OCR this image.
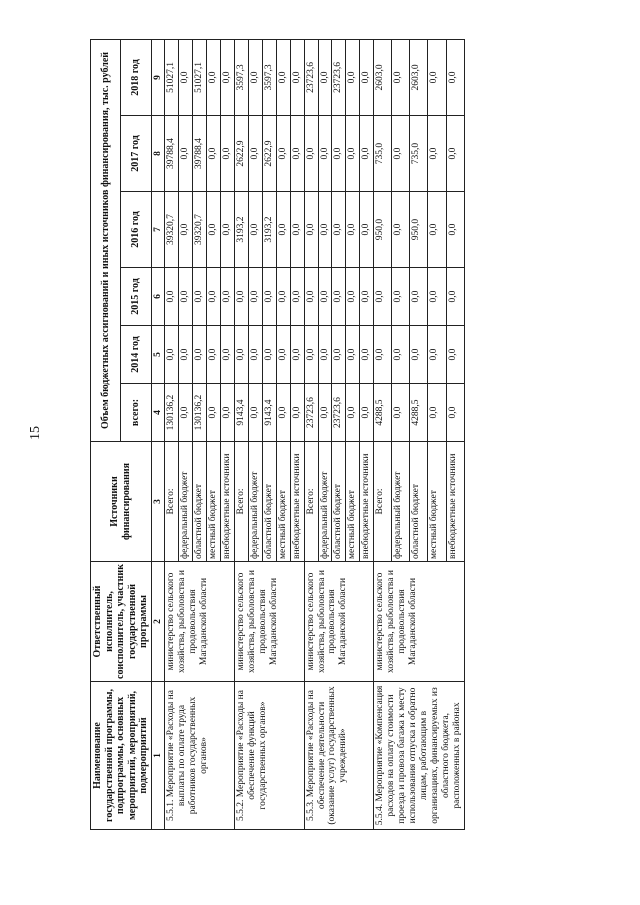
15
Наименование государственной программы, подпрограммы, основных мероприятий, мероприятий, подмероприятий	Ответственный исполнитель, соисполнитель, участник государственной программы	Источники финансирования	Объем бюджетных ассигнований и иных источников финансирования, тыс. рублей					
			всего:	2014 год	2015 год	2016 год	2017 год	2018 год
1	2	3	4	5	6	7	8	9
5.5.1. Мероприятие «Расходы на выплаты по оплате труда работников государственных органов»	министерство сельского хозяйства, рыболовства и продовольствия Магаданской области	Всего:	130136,2	0,0	0,0	39320,7	39788,4	51027,1
		федеральный бюджет	0,0	0,0	0,0	0,0	0,0	0,0
		областной бюджет	130136,2	0,0	0,0	39320,7	39788,4	51027,1
		местный бюджет	0,0	0,0	0,0	0,0	0,0	0,0
		внебюджетные источники	0,0	0,0	0,0	0,0	0,0	0,0
5.5.2. Мероприятие «Расходы на обеспечение функций государственных органов»	министерство сельского хозяйства, рыболовства и продовольствия Магаданской области	Всего:	9143,4	0,0	0,0	3193,2	2622,9	3597,3
		федеральный бюджет	0,0	0,0	0,0	0,0	0,0	0,0
		областной бюджет	9143,4	0,0	0,0	3193,2	2622,9	3597,3
		местный бюджет	0,0	0,0	0,0	0,0	0,0	0,0
		внебюджетные источники	0,0	0,0	0,0	0,0	0,0	0,0
5.5.3. Мероприятие «Расходы на обеспечение деятельности (оказание услуг) государственных учреждений»	министерство сельского хозяйства, рыболовства и продовольствия Магаданской области	Всего:	23723,6	0,0	0,0	0,0	0,0	23723,6
		федеральный бюджет	0,0	0,0	0,0	0,0	0,0	0,0
		областной бюджет	23723,6	0,0	0,0	0,0	0,0	23723,6
		местный бюджет	0,0	0,0	0,0	0,0	0,0	0,0
		внебюджетные источники	0,0	0,0	0,0	0,0	0,0	0,0
5.5.4. Мероприятие «Компенсация расходов на оплату стоимости проезда и провоза багажа к месту использования отпуска и обратно лицам, работающим в организациях, финансируемых из областного бюджета, расположенных в районах	министерство сельского хозяйства, рыболовства и продовольствия Магаданской области	Всего:	4288,5	0,0	0,0	950,0	735,0	2603,0
		федеральный бюджет	0,0	0,0	0,0	0,0	0,0	0,0
		областной бюджет	4288,5	0,0	0,0	950,0	735,0	2603,0
		местный бюджет	0,0	0,0	0,0	0,0	0,0	0,0
		внебюджетные источники	0,0	0,0	0,0	0,0	0,0	0,0
